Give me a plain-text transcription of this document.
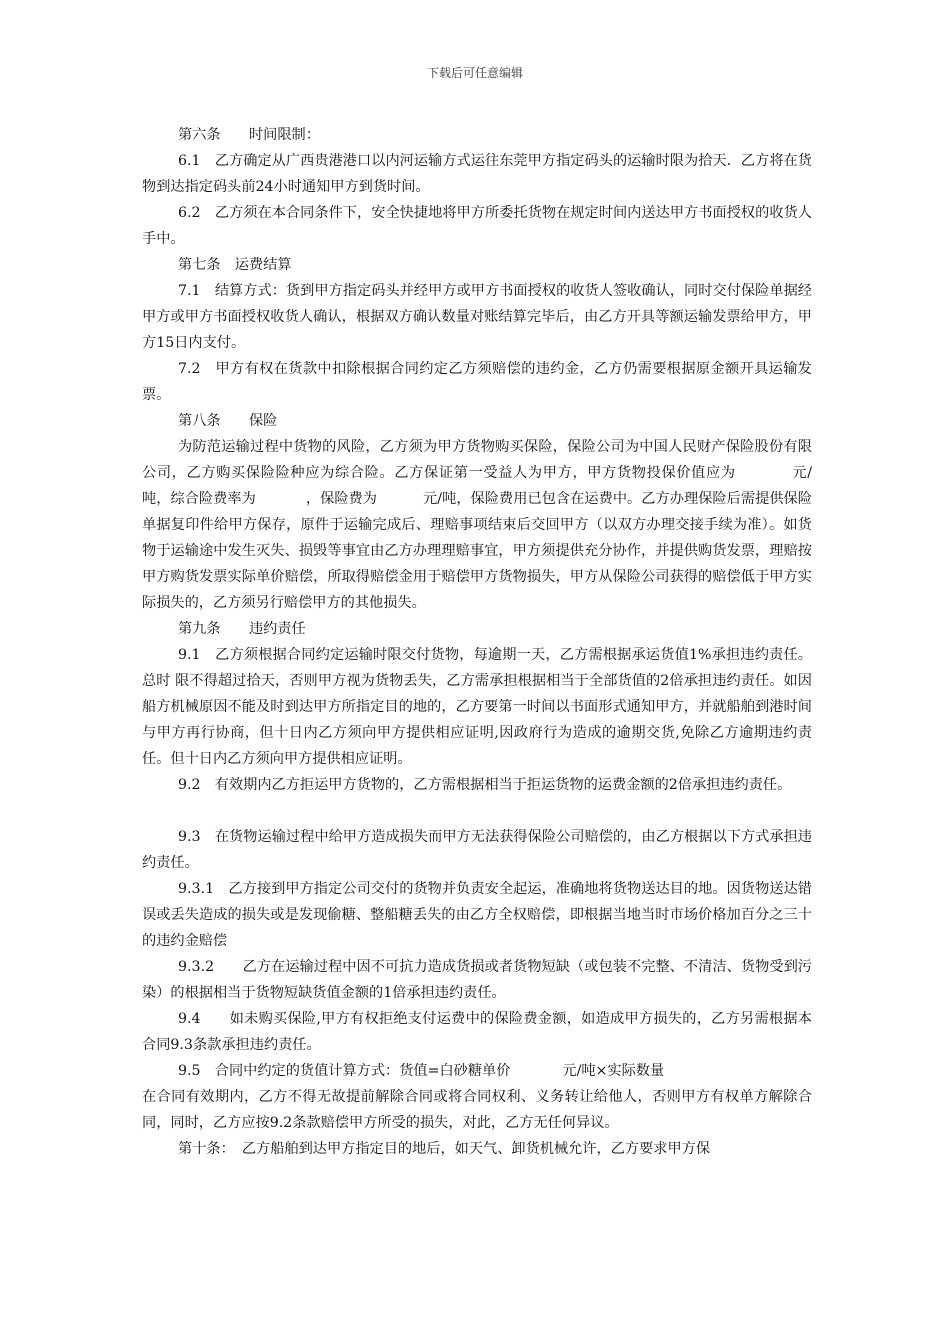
下载后可任意编辑

第六条　　时间限制：

6.1　乙方确定从广西贵港港口以内河运输方式运往东莞甲方指定码头的运输时限为拾天．乙方将在货物到达指定码头前24小时通知甲方到货时间。

6.2　乙方须在本合同条件下，安全快捷地将甲方所委托货物在规定时间内送达甲方书面授权的收货人手中。

第七条　运费结算

7.1　结算方式：货到甲方指定码头并经甲方或甲方书面授权的收货人签收确认，同时交付保险单据经甲方或甲方书面授权收货人确认，根据双方确认数量对账结算完毕后，由乙方开具等额运输发票给甲方，甲方15日内支付。

7.2　甲方有权在货款中扣除根据合同约定乙方须赔偿的违约金，乙方仍需要根据原金额开具运输发票。

第八条　　保险

为防范运输过程中货物的风险，乙方须为甲方货物购买保险，保险公司为中国人民财产保险股份有限公司，乙方购买保险险种应为综合险。乙方保证第一受益人为甲方，甲方货物投保价值应为	元/吨，综合险费率为	，保险费为	元/吨，保险费用已包含在运费中。乙方办理保险后需提供保险单据复印件给甲方保存，原件于运输完成后、理赔事项结束后交回甲方（以双方办理交接手续为准）。如货物于运输途中发生灭失、损毁等事宜由乙方办理理赔事宜，甲方须提供充分协作，并提供购货发票，理赔按甲方购货发票实际单价赔偿，所取得赔偿金用于赔偿甲方货物损失，甲方从保险公司获得的赔偿低于甲方实际损失的，乙方须另行赔偿甲方的其他损失。

第九条　　违约责任

9.1　乙方须根据合同约定运输时限交付货物，每逾期一天，乙方需根据承运货值1%承担违约责任。总时 限不得超过拾天，否则甲方视为货物丢失，乙方需承担根据相当于全部货值的2倍承担违约责任。如因船方机械原因不能及时到达甲方所指定目的地的，乙方要第一时间以书面形式通知甲方，并就船舶到港时间与甲方再行协商，但十日内乙方须向甲方提供相应证明,因政府行为造成的逾期交货,免除乙方逾期违约责任。但十日内乙方须向甲方提供相应证明。

9.2　有效期内乙方拒运甲方货物的，乙方需根据相当于拒运货物的运费金额的2倍承担违约责任。

9.3　在货物运输过程中给甲方造成损失而甲方无法获得保险公司赔偿的，由乙方根据以下方式承担违约责任。

9.3.1　乙方接到甲方指定公司交付的货物并负责安全起运，准确地将货物送达目的地。因货物送达错误或丢失造成的损失或是发现偷糖、整船糖丢失的由乙方全权赔偿，即根据当地当时市场价格加百分之三十的违约金赔偿

9.3.2　　乙方在运输过程中因不可抗力造成货损或者货物短缺（或包装不完整、不清洁、货物受到污染）的根据相当于货物短缺货值金额的1倍承担违约责任。

9.4　　如未购买保险,甲方有权拒绝支付运费中的保险费金额，如造成甲方损失的，乙方另需根据本合同9.3条款承担违约责任。

9.5　合同中约定的货值计算方式：货值=白砂糖单价	元/吨×实际数量

在合同有效期内，乙方不得无故提前解除合同或将合同权利、义务转让给他人，否则甲方有权单方解除合同，同时，乙方应按9.2条款赔偿甲方所受的损失，对此，乙方无任何异议。

第十条：　乙方船舶到达甲方指定目的地后，如天气、卸货机械允许，乙方要求甲方保
